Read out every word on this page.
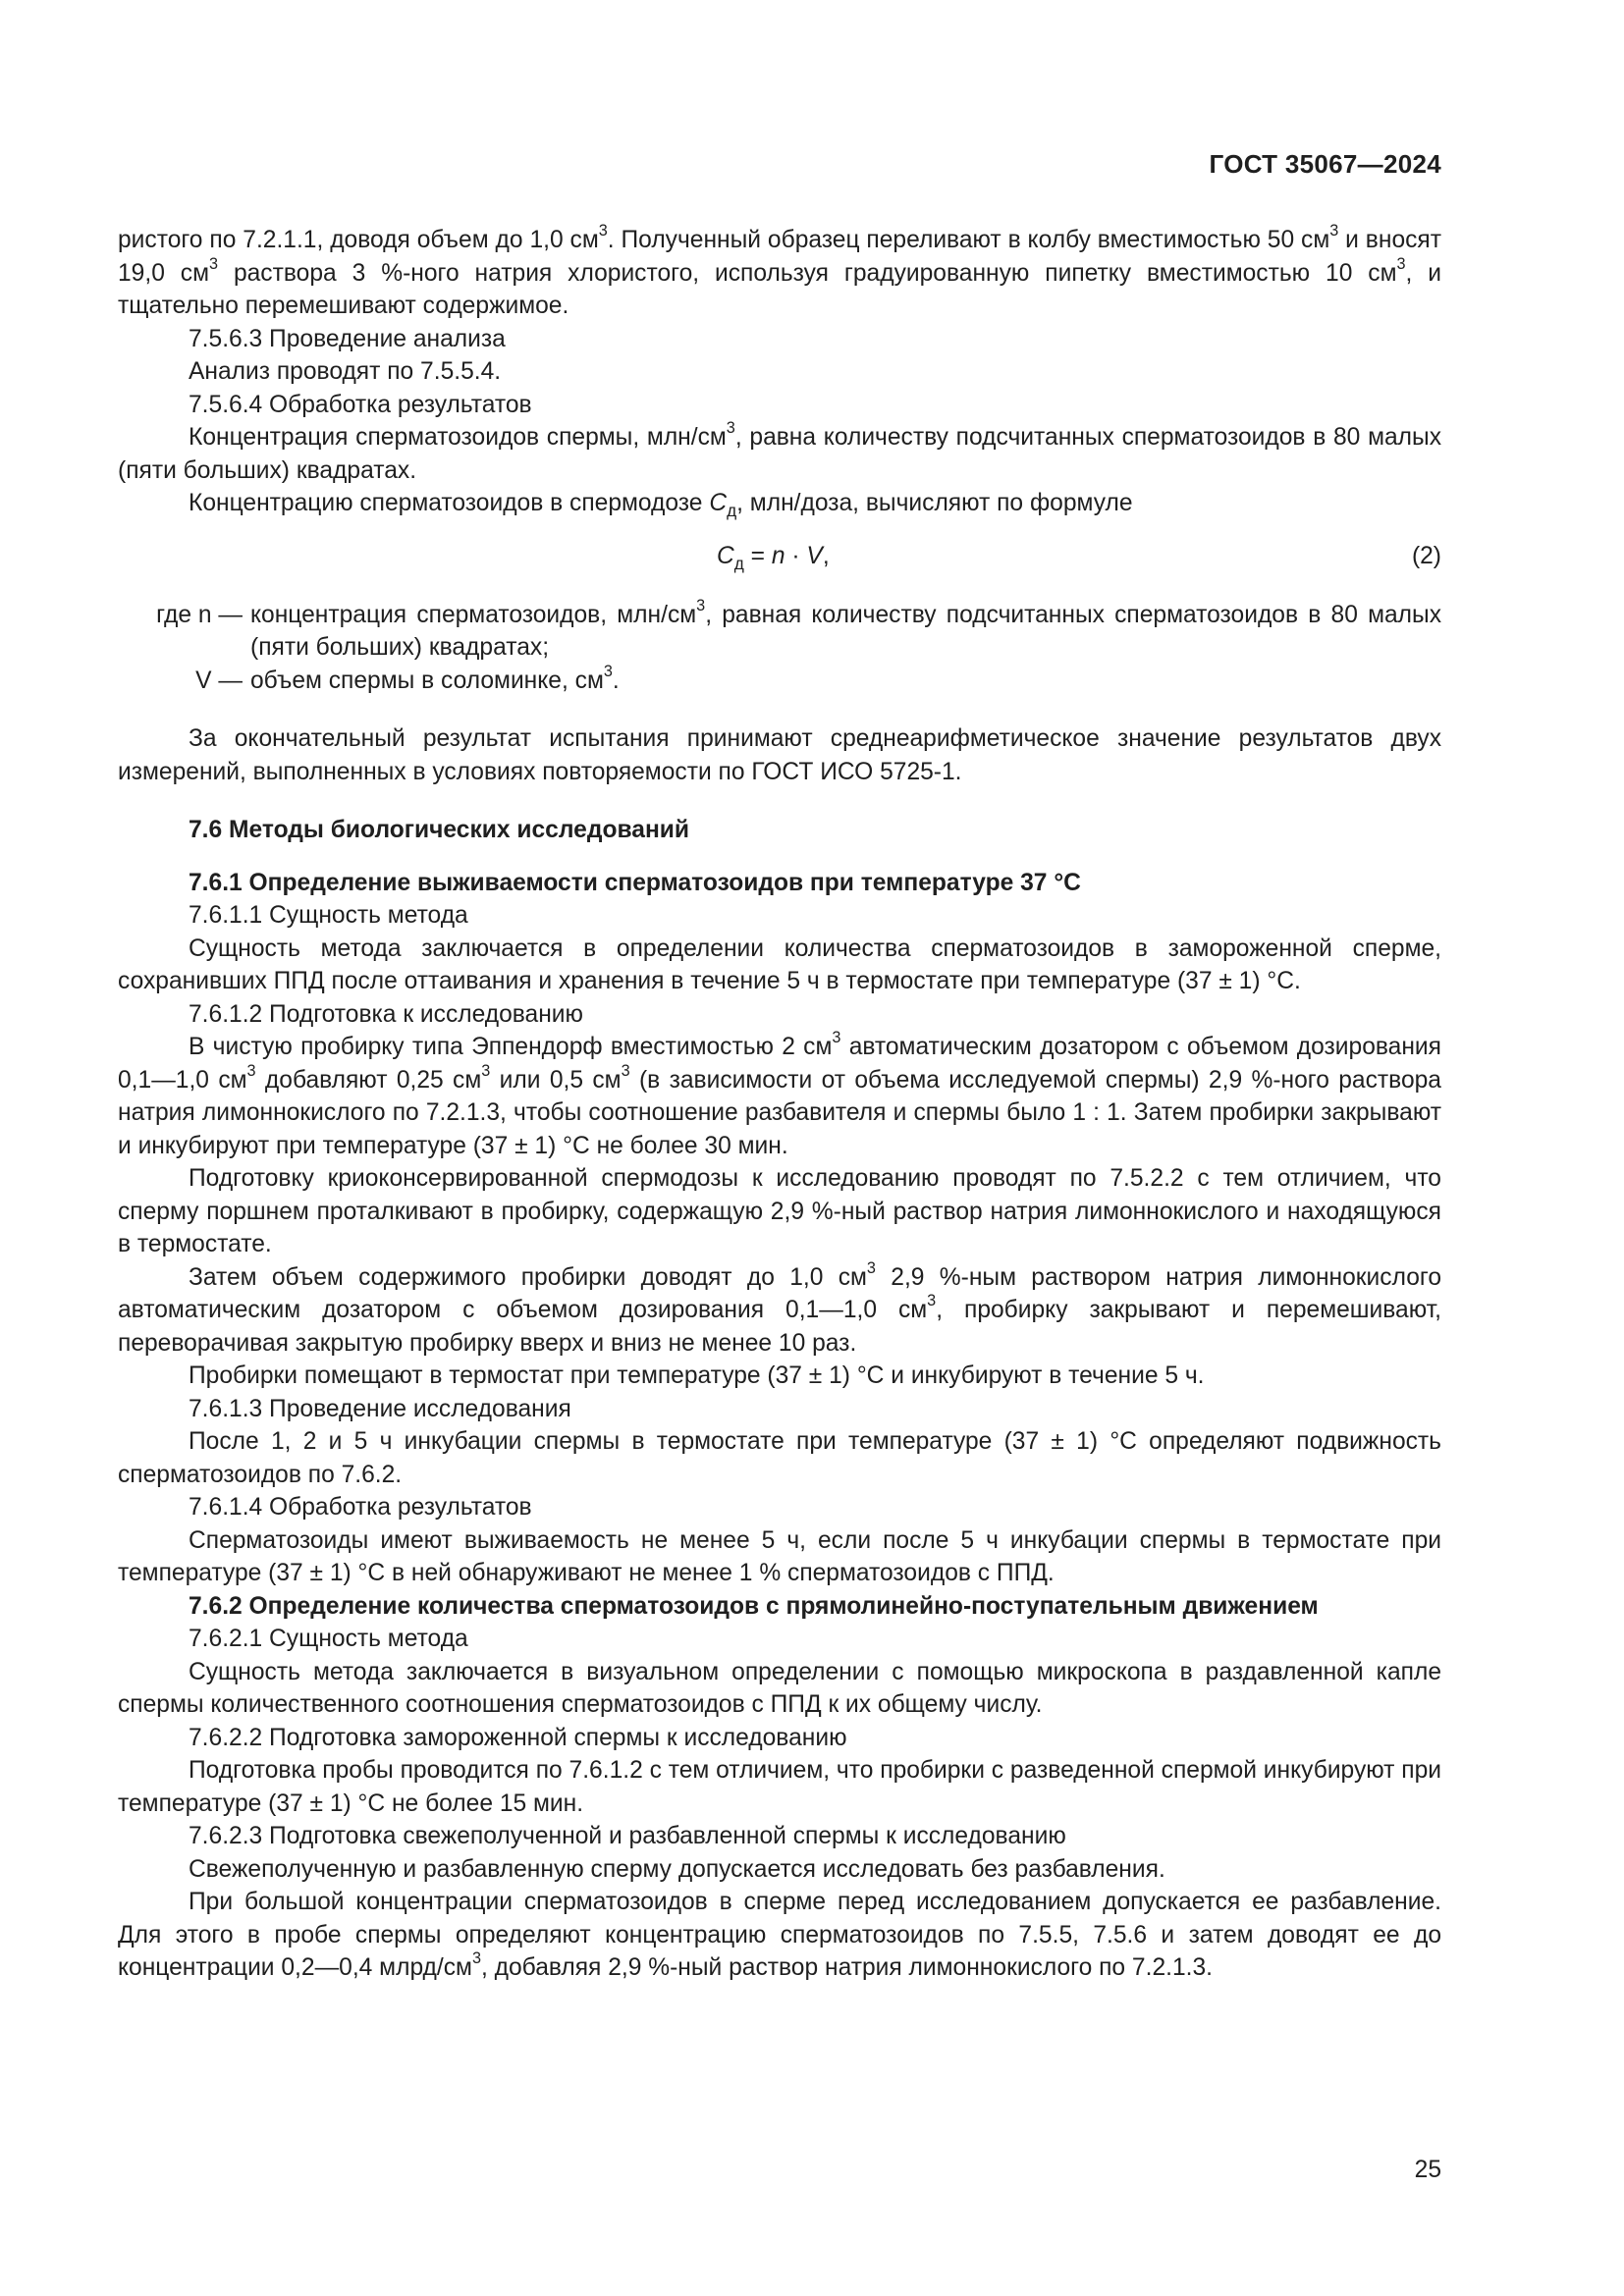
ГОСТ 35067—2024

ристого по 7.2.1.1, доводя объем до 1,0 $см^3$. Полученный образец переливают в колбу вместимостью 50 $см^3$ и вносят 19,0 $см^3$ раствора 3 %-ного натрия хлористого, используя градуированную пипетку вместимостью 10 $см^3$, и тщательно перемешивают содержимое.

7.5.6.3 Проведение анализа

Анализ проводят по 7.5.5.4.

7.5.6.4 Обработка результатов

Концентрация сперматозоидов спермы, млн/$см^3$, равна количеству подсчитанных сперматозоидов в 80 малых (пяти больших) квадратах.

Концентрацию сперматозоидов в спермодозе $C_д$, млн/доза, вычисляют по формуле

$C_д = n \cdot V$,	(2)
где n — концентрация сперматозоидов, млн/$см^3$, равная количеству подсчитанных сперматозоидов в 80 малых (пяти больших) квадратах;
V — объем спермы в соломинке, $см^3$.

За окончательный результат испытания принимают среднеарифметическое значение результатов двух измерений, выполненных в условиях повторяемости по ГОСТ ИСО 5725-1.

7.6 Методы биологических исследований

7.6.1 Определение выживаемости сперматозоидов при температуре 37 °С

7.6.1.1 Сущность метода

Сущность метода заключается в определении количества сперматозоидов в замороженной сперме, сохранивших ППД после оттаивания и хранения в течение 5 ч в термостате при температуре (37 ± 1) °С.

7.6.1.2 Подготовка к исследованию

В чистую пробирку типа Эппендорф вместимостью 2 $см^3$ автоматическим дозатором с объемом дозирования 0,1—1,0 $см^3$ добавляют 0,25 $см^3$ или 0,5 $см^3$ (в зависимости от объема исследуемой спермы) 2,9 %-ного раствора натрия лимоннокислого по 7.2.1.3, чтобы соотношение разбавителя и спермы было 1 : 1. Затем пробирки закрывают и инкубируют при температуре (37 ± 1) °С не более 30 мин.

Подготовку криоконсервированной спермодозы к исследованию проводят по 7.5.2.2 с тем отличием, что сперму поршнем проталкивают в пробирку, содержащую 2,9 %-ный раствор натрия лимоннокислого и находящуюся в термостате.

Затем объем содержимого пробирки доводят до 1,0 $см^3$ 2,9 %-ным раствором натрия лимоннокислого автоматическим дозатором с объемом дозирования 0,1—1,0 $см^3$, пробирку закрывают и перемешивают, переворачивая закрытую пробирку вверх и вниз не менее 10 раз.

Пробирки помещают в термостат при температуре (37 ± 1) °С и инкубируют в течение 5 ч.

7.6.1.3 Проведение исследования

После 1, 2 и 5 ч инкубации спермы в термостате при температуре (37 ± 1) °С определяют подвижность сперматозоидов по 7.6.2.

7.6.1.4 Обработка результатов

Сперматозоиды имеют выживаемость не менее 5 ч, если после 5 ч инкубации спермы в термостате при температуре (37 ± 1) °С в ней обнаруживают не менее 1 % сперматозоидов с ППД.

7.6.2 Определение количества сперматозоидов с прямолинейно-поступательным движением

7.6.2.1 Сущность метода

Сущность метода заключается в визуальном определении с помощью микроскопа в раздавленной капле спермы количественного соотношения сперматозоидов с ППД к их общему числу.

7.6.2.2 Подготовка замороженной спермы к исследованию

Подготовка пробы проводится по 7.6.1.2 с тем отличием, что пробирки с разведенной спермой инкубируют при температуре (37 ± 1) °С не более 15 мин.

7.6.2.3 Подготовка свежеполученной и разбавленной спермы к исследованию

Свежеполученную и разбавленную сперму допускается исследовать без разбавления.

При большой концентрации сперматозоидов в сперме перед исследованием допускается ее разбавление. Для этого в пробе спермы определяют концентрацию сперматозоидов по 7.5.5, 7.5.6 и затем доводят ее до концентрации 0,2—0,4 млрд/$см^3$, добавляя 2,9 %-ный раствор натрия лимоннокислого по 7.2.1.3.

25
